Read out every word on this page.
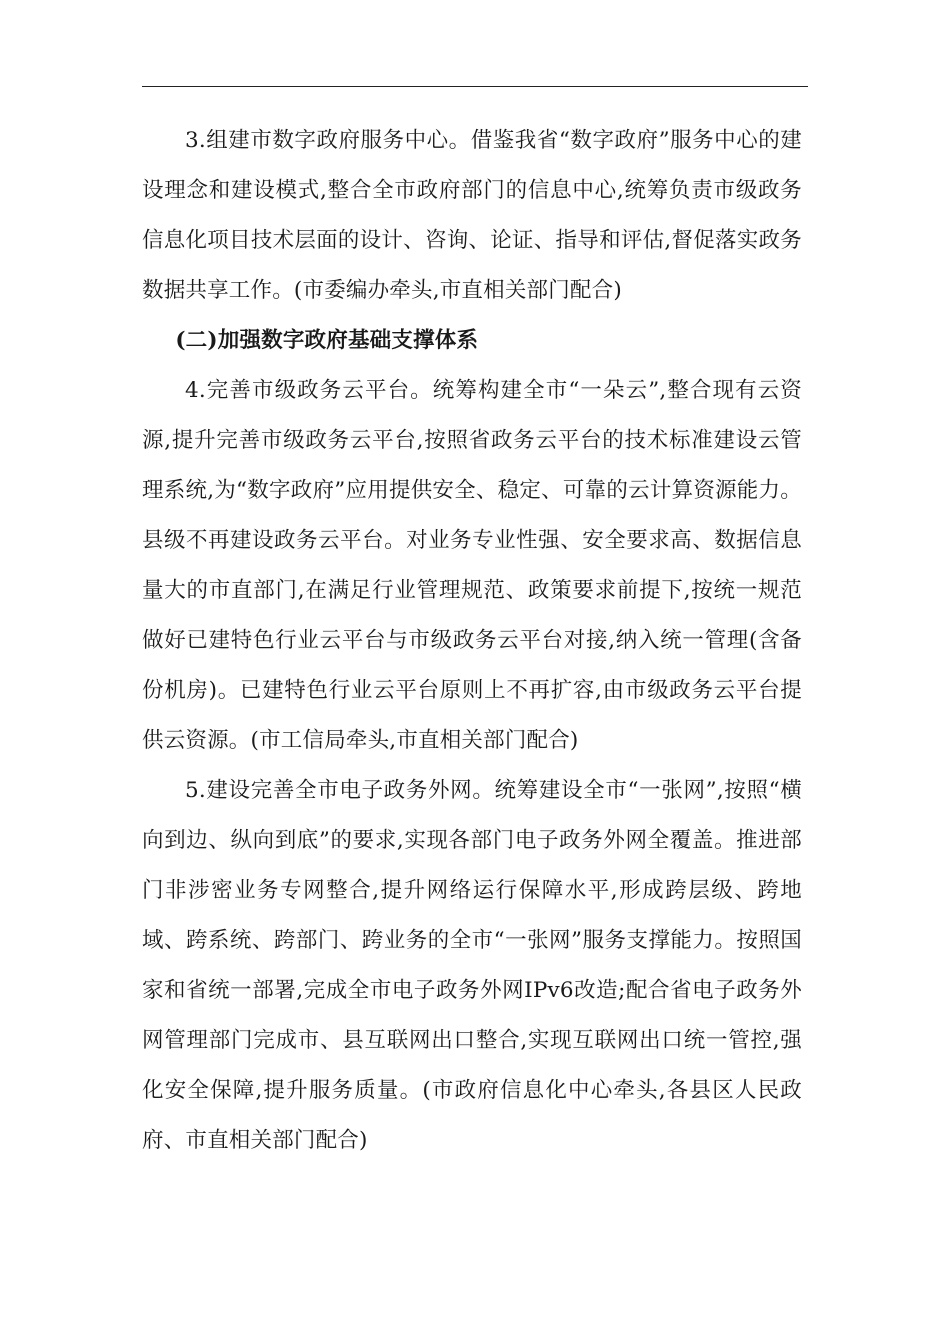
3.组建市数字政府服务中心。借鉴我省“数字政府”服务中心的建设理念和建设模式,整合全市政府部门的信息中心,统筹负责市级政务信息化项目技术层面的设计、咨询、论证、指导和评估,督促落实政务数据共享工作。(市委编办牵头,市直相关部门配合)

(二)加强数字政府基础支撑体系

4.完善市级政务云平台。统筹构建全市“一朵云”,整合现有云资源,提升完善市级政务云平台,按照省政务云平台的技术标准建设云管理系统,为“数字政府”应用提供安全、稳定、可靠的云计算资源能力。县级不再建设政务云平台。对业务专业性强、安全要求高、数据信息量大的市直部门,在满足行业管理规范、政策要求前提下,按统一规范做好已建特色行业云平台与市级政务云平台对接,纳入统一管理(含备份机房)。已建特色行业云平台原则上不再扩容,由市级政务云平台提供云资源。(市工信局牵头,市直相关部门配合)

5.建设完善全市电子政务外网。统筹建设全市“一张网”,按照“横向到边、纵向到底”的要求,实现各部门电子政务外网全覆盖。推进部门非涉密业务专网整合,提升网络运行保障水平,形成跨层级、跨地域、跨系统、跨部门、跨业务的全市“一张网”服务支撑能力。按照国家和省统一部署,完成全市电子政务外网IPv6改造;配合省电子政务外网管理部门完成市、县互联网出口整合,实现互联网出口统一管控,强化安全保障,提升服务质量。(市政府信息化中心牵头,各县区人民政府、市直相关部门配合)
